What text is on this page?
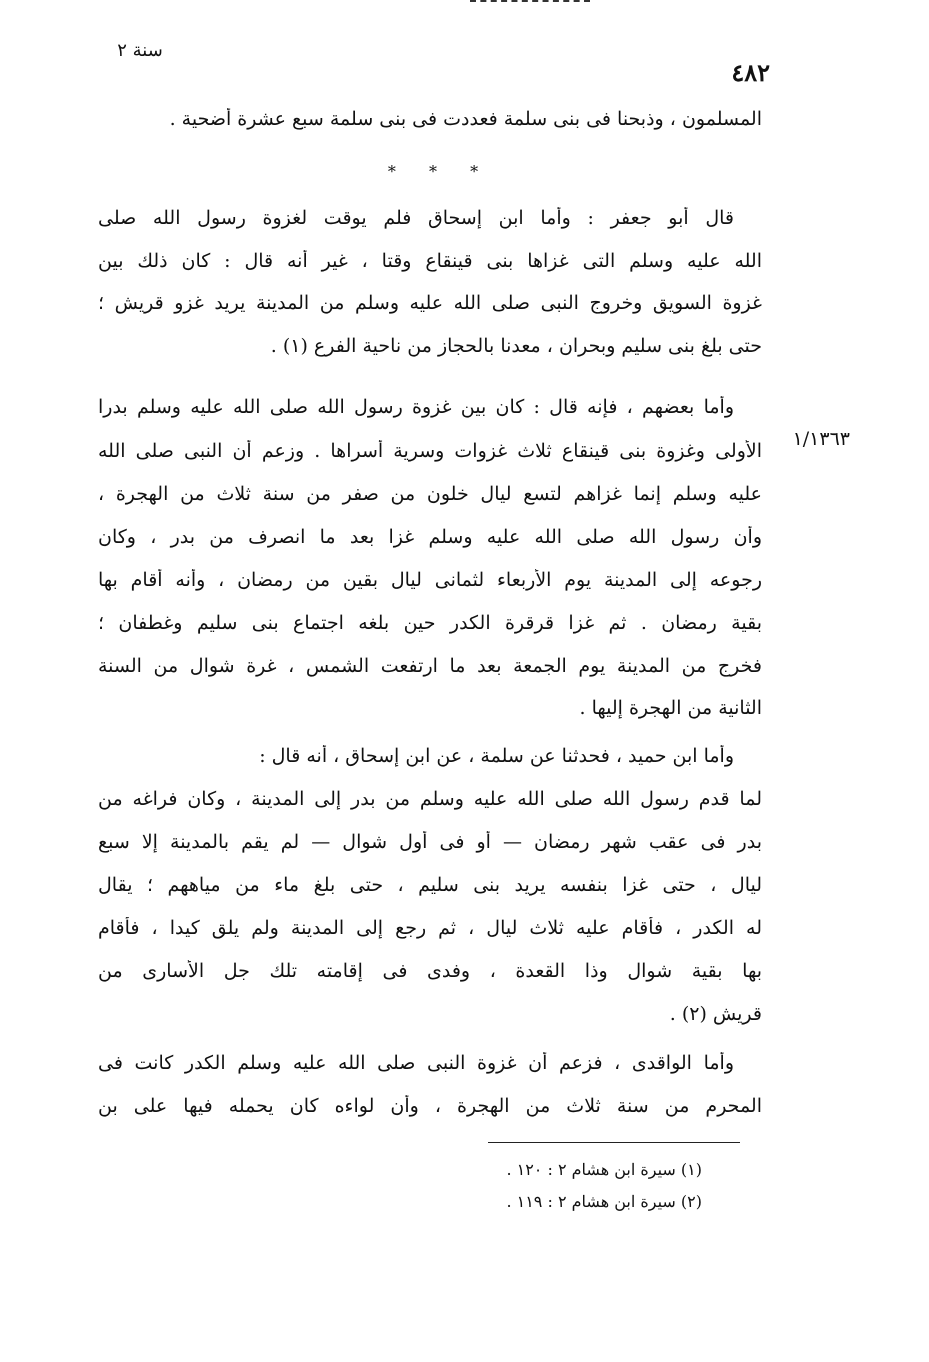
سنة ٢
٤٨٢
المسلمون ، وذبحنا فى بنى سلمة فعددت فى بنى سلمة سبع عشرة أضحية .
* * *
قال أبو جعفر : وأما ابن إسحاق فلم يوقت لغزوة رسول الله صلى
الله عليه وسلم التى غزاها بنى قينقاع وقتا ، غير أنه قال : كان ذلك بين
غزوة السويق وخروج النبى صلى الله عليه وسلم من المدينة يريد غزو قريش ؛
حتى بلغ بنى سليم وبحران ، معدنا بالحجاز من ناحية الفرع (١) .
١/١٣٦٣
وأما بعضهم ، فإنه قال : كان بين غزوة رسول الله صلى الله عليه وسلم بدرا
الأولى وغزوة بنى قينقاع ثلاث غزوات وسرية أسراها . وزعم أن النبى صلى الله
عليه وسلم إنما غزاهم لتسع ليال خلون من صفر من سنة ثلاث من الهجرة ،
وأن رسول الله صلى الله عليه وسلم غزا بعد ما انصرف من بدر ، وكان
رجوعه إلى المدينة يوم الأربعاء لثمانى ليال بقين من رمضان ، وأنه أقام بها
بقية رمضان . ثم غزا قرقرة الكدر حين بلغه اجتماع بنى سليم وغطفان ؛
فخرج من المدينة يوم الجمعة بعد ما ارتفعت الشمس ، غرة شوال من السنة
الثانية من الهجرة إليها .
وأما ابن حميد ، فحدثنا عن سلمة ، عن ابن إسحاق ، أنه قال :
لما قدم رسول الله صلى الله عليه وسلم من بدر إلى المدينة ، وكان فراغه من
بدر فى عقب شهر رمضان — أو فى أول شوال — لم يقم بالمدينة إلا سبع
ليال ، حتى غزا بنفسه يريد بنى سليم ، حتى بلغ ماء من مياههم ؛ يقال
له الكدر ، فأقام عليه ثلاث ليال ، ثم رجع إلى المدينة ولم يلق كيدا ، فأقام
بها بقية شوال وذا القعدة ، وفدى فى إقامته تلك جل الأسارى من
قريش (٢) .
وأما الواقدى ، فزعم أن غزوة النبى صلى الله عليه وسلم الكدر كانت فى
المحرم من سنة ثلاث من الهجرة ، وأن لواءه كان يحمله فيها على بن
(١) سيرة ابن هشام ٢ : ١٢٠ .
(٢) سيرة ابن هشام ٢ : ١١٩ .
